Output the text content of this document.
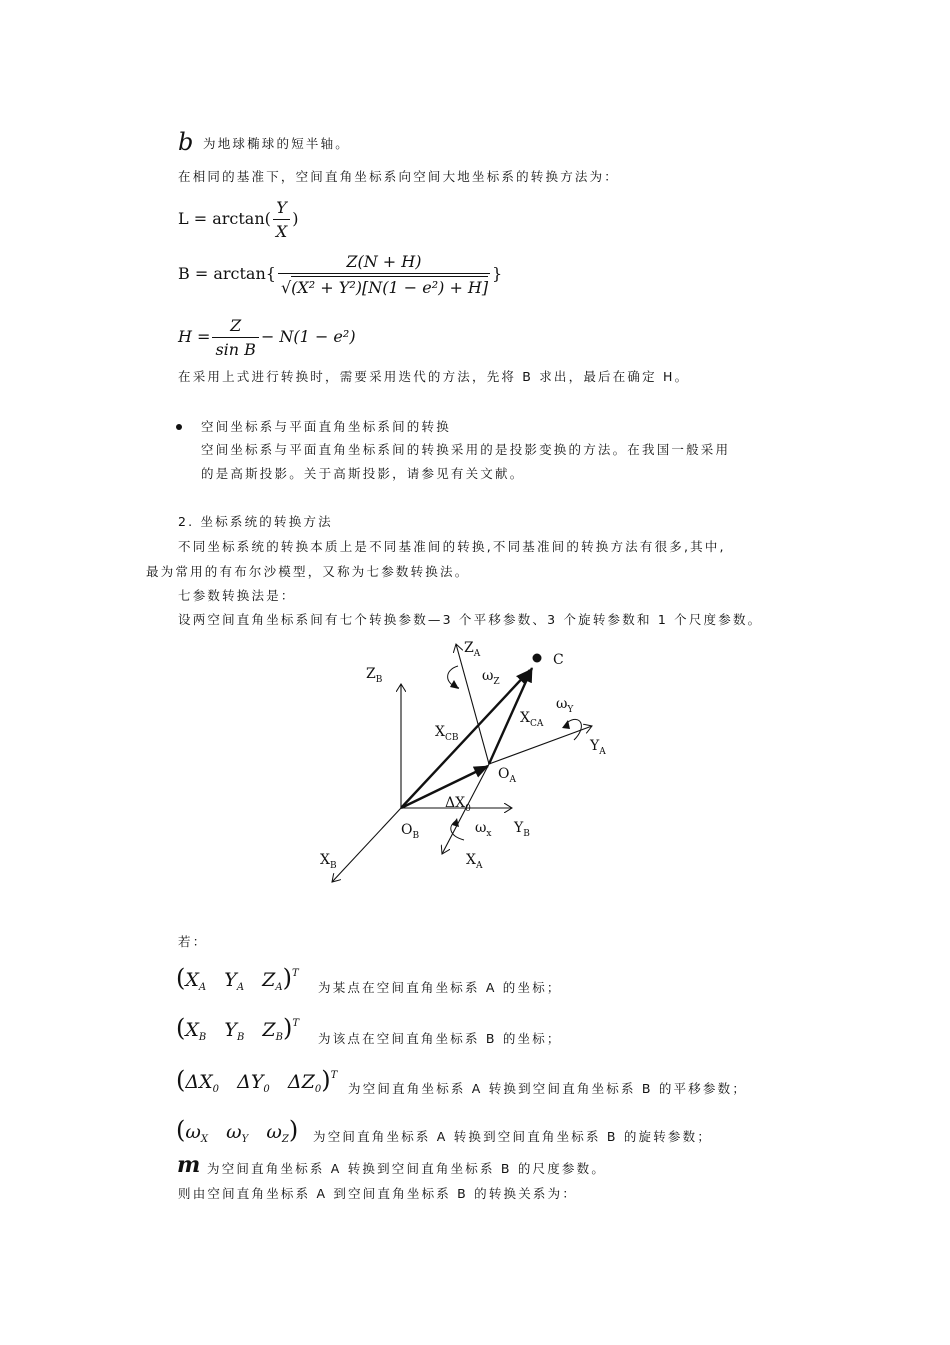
b 为地球椭球的短半轴。
在相同的基准下，空间直角坐标系向空间大地坐标系的转换方法为：
$L = \arctan( \frac{Y}{X}$ )
$B = \arctan\{ \frac{Z(N + H)}{\text{√(X² + Y²)[N(1 − e²) + H]}}$ }
$H = \frac{Z}{\text{sin B}} - N(1 - e^2)$
在采用上式进行转换时，需要采用迭代的方法，先将 B 求出，最后在确定 H。
空间坐标系与平面直角坐标系间的转换
空间坐标系与平面直角坐标系间的转换采用的是投影变换的方法。在我国一般采用
的是高斯投影。关于高斯投影，请参见有关文献。
2. 坐标系统的转换方法
不同坐标系统的转换本质上是不同基准间的转换,不同基准间的转换方法有很多,其中,
最为常用的有布尔沙模型，又称为七参数转换法。
七参数转换法是：
设两空间直角坐标系间有七个转换参数—3 个平移参数、3 个旋转参数和 1 个尺度参数。
$Z_B$
$Z_A$	C
$\omega_Z$
$\omega_Y$
$X_{CA}$
$X_{CB}$	$Y_A$
$O_A$
$\Delta X_0$
$O_B$	$\omega_x$ $Y_B$
$X_B$	$X_A$
若：
($X_A$ $Y_A$ $Z_A)^T$
为某点在空间直角坐标系 A 的坐标；
($X_B$ $Y_B$ $Z_B)^T$
为该点在空间直角坐标系 B 的坐标；
($\Delta X_0$ $\Delta Y_0$ $\Delta Z_0)^T$
为空间直角坐标系 A 转换到空间直角坐标系 B 的平移参数；
($\omega_X$ $\omega_Y$ $\omega_Z$) 为空间直角坐标系 A 转换到空间直角坐标系 B 的旋转参数；
m 为空间直角坐标系 A 转换到空间直角坐标系 B 的尺度参数。
则由空间直角坐标系 A 到空间直角坐标系 B 的转换关系为：
